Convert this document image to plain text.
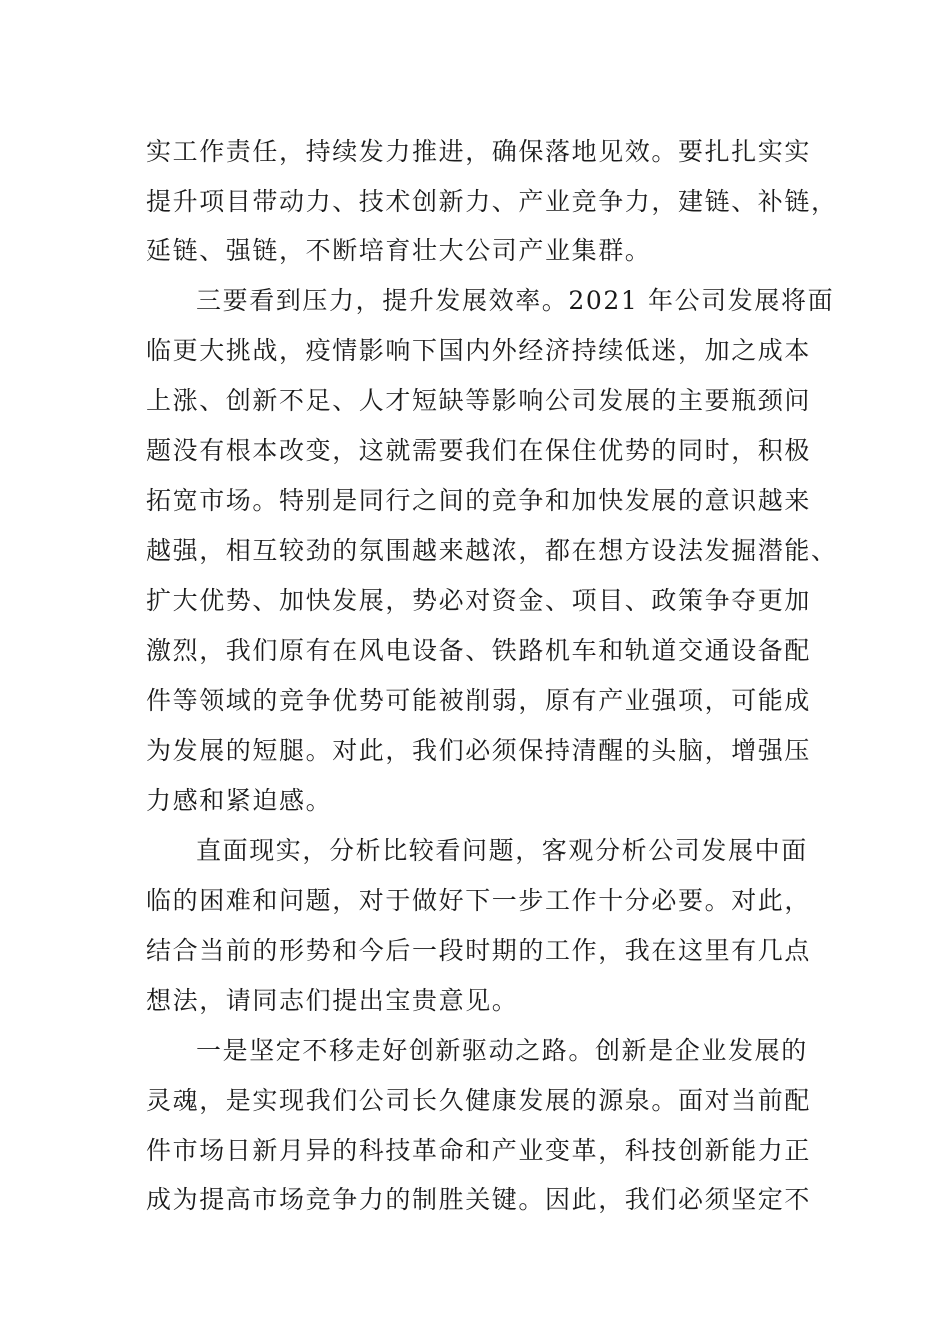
实工作责任，持续发力推进，确保落地见效。要扎扎实实
提升项目带动力、技术创新力、产业竞争力，建链、补链，
延链、强链，不断培育壮大公司产业集群。
三要看到压力，提升发展效率。2021 年公司发展将面
临更大挑战，疫情影响下国内外经济持续低迷，加之成本
上涨、创新不足、人才短缺等影响公司发展的主要瓶颈问
题没有根本改变，这就需要我们在保住优势的同时，积极
拓宽市场。特别是同行之间的竞争和加快发展的意识越来
越强，相互较劲的氛围越来越浓，都在想方设法发掘潜能、
扩大优势、加快发展，势必对资金、项目、政策争夺更加
激烈，我们原有在风电设备、铁路机车和轨道交通设备配
件等领域的竞争优势可能被削弱，原有产业强项，可能成
为发展的短腿。对此，我们必须保持清醒的头脑，增强压
力感和紧迫感。
直面现实，分析比较看问题，客观分析公司发展中面
临的困难和问题，对于做好下一步工作十分必要。对此，
结合当前的形势和今后一段时期的工作，我在这里有几点
想法，请同志们提出宝贵意见。
一是坚定不移走好创新驱动之路。创新是企业发展的
灵魂，是实现我们公司长久健康发展的源泉。面对当前配
件市场日新月异的科技革命和产业变革，科技创新能力正
成为提高市场竞争力的制胜关键。因此，我们必须坚定不
